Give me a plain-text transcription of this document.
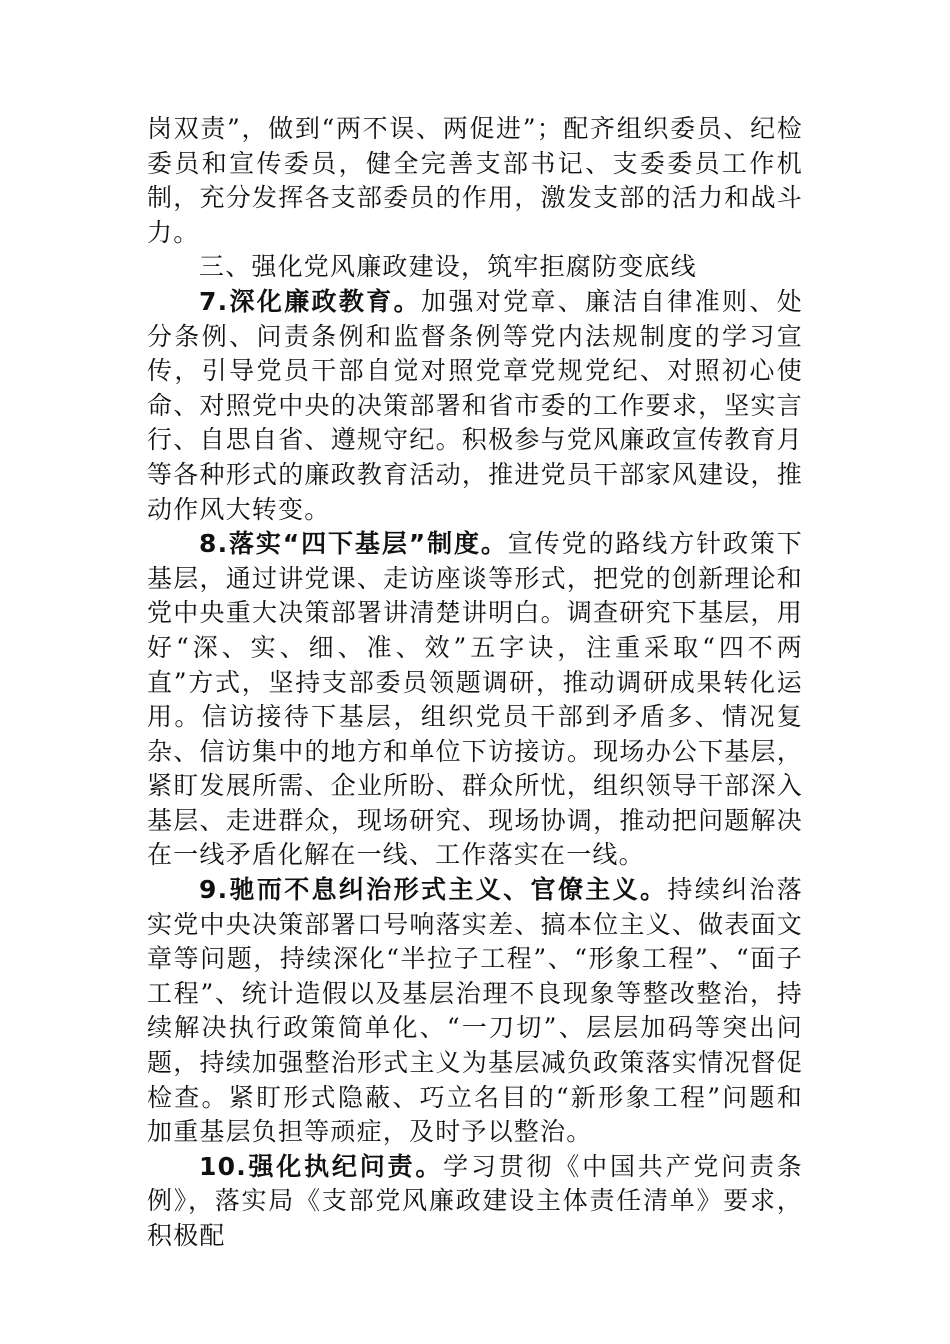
岗双责”，做到“两不误、两促进”；配齐组织委员、纪检委员和宣传委员，健全完善支部书记、支委委员工作机制，充分发挥各支部委员的作用，激发支部的活力和战斗力。

三、强化党风廉政建设，筑牢拒腐防变底线

7.深化廉政教育。加强对党章、廉洁自律准则、处分条例、问责条例和监督条例等党内法规制度的学习宣传，引导党员干部自觉对照党章党规党纪、对照初心使命、对照党中央的决策部署和省市委的工作要求，坚实言行、自思自省、遵规守纪。积极参与党风廉政宣传教育月等各种形式的廉政教育活动，推进党员干部家风建设，推动作风大转变。

8.落实“四下基层”制度。宣传党的路线方针政策下基层，通过讲党课、走访座谈等形式，把党的创新理论和党中央重大决策部署讲清楚讲明白。调查研究下基层，用好“深、实、细、准、效”五字诀，注重采取“四不两直”方式，坚持支部委员领题调研，推动调研成果转化运用。信访接待下基层，组织党员干部到矛盾多、情况复杂、信访集中的地方和单位下访接访。现场办公下基层，紧盯发展所需、企业所盼、群众所忧，组织领导干部深入基层、走进群众，现场研究、现场协调，推动把问题解决在一线矛盾化解在一线、工作落实在一线。

9.驰而不息纠治形式主义、官僚主义。持续纠治落实党中央决策部署口号响落实差、搞本位主义、做表面文章等问题，持续深化“半拉子工程”、“形象工程”、“面子工程”、统计造假以及基层治理不良现象等整改整治，持续解决执行政策简单化、“一刀切”、层层加码等突出问题，持续加强整治形式主义为基层减负政策落实情况督促检查。紧盯形式隐蔽、巧立名目的“新形象工程”问题和加重基层负担等顽症，及时予以整治。

10.强化执纪问责。学习贯彻《中国共产党问责条例》，落实局《支部党风廉政建设主体责任清单》要求，积极配
